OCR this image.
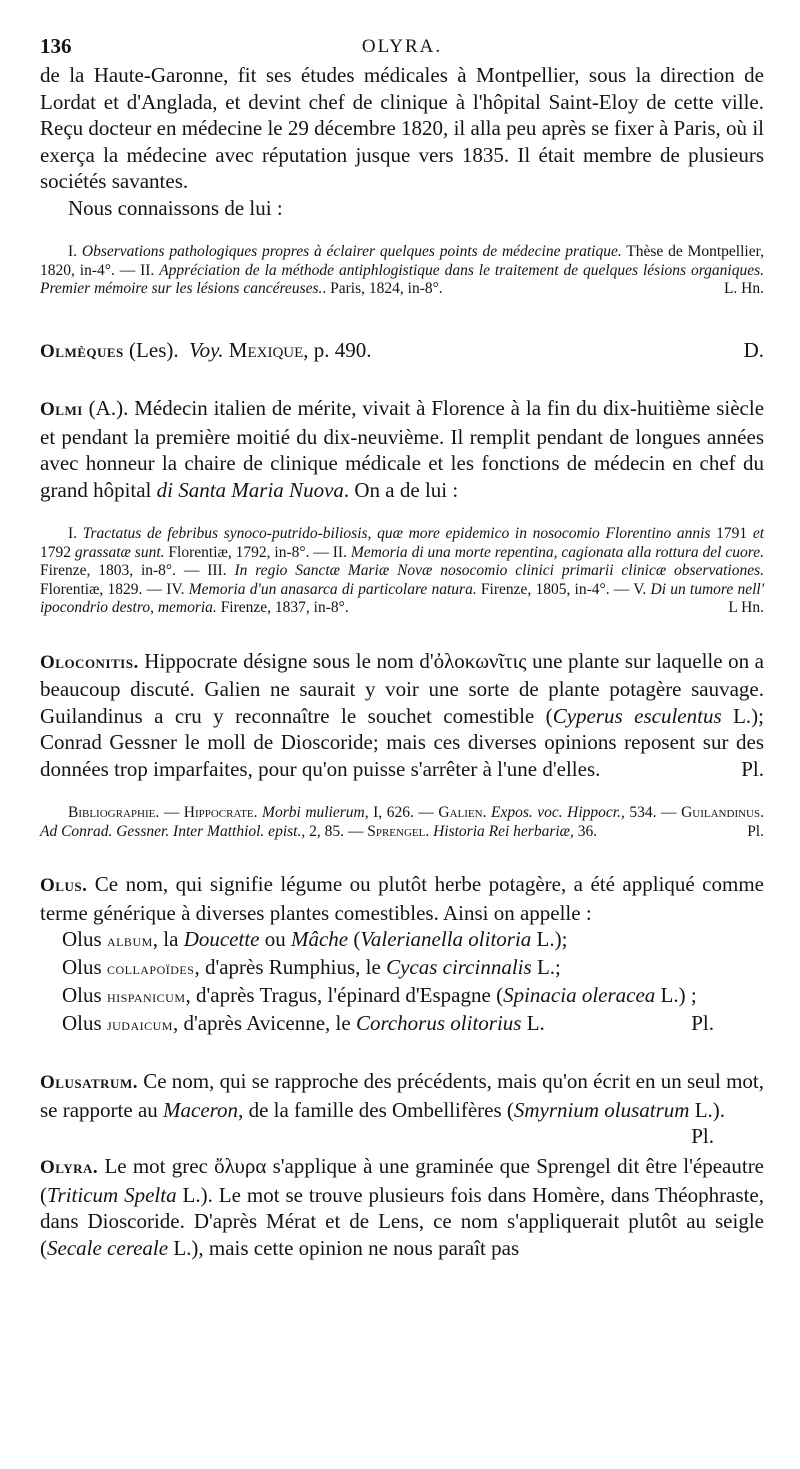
136	OLYRA.

de la Haute-Garonne, fit ses études médicales à Montpellier, sous la direction de Lordat et d'Anglada, et devint chef de clinique à l'hôpital Saint-Eloy de cette ville. Reçu docteur en médecine le 29 décembre 1820, il alla peu après se fixer à Paris, où il exerça la médecine avec réputation jusque vers 1835. Il était membre de plusieurs sociétés savantes.

Nous connaissons de lui :

I. Observations pathologiques propres à éclairer quelques points de médecine pratique. Thèse de Montpellier, 1820, in-4°. — II. Appréciation de la méthode antiphlogistique dans le traitement de quelques lésions organiques. Premier mémoire sur les lésions cancéreuses.. Paris, 1824, in-8°.	L. Hn.

Olmèques (Les). Voy. Mexique, p. 490.	D.

Olmi (A.). Médecin italien de mérite, vivait à Florence à la fin du dix-huitième siècle et pendant la première moitié du dix-neuvième. Il remplit pendant de longues années avec honneur la chaire de clinique médicale et les fonctions de médecin en chef du grand hôpital di Santa Maria Nuova. On a de lui :

I. Tractatus de febribus synoco-putrido-biliosis, quæ more epidemico in nosocomio Florentino annis 1791 et 1792 grassatæ sunt. Florentiæ, 1792, in-8°. — II. Memoria di una morte repentina, cagionata alla rottura del cuore. Firenze, 1803, in-8°. — III. In regio Sanctæ Mariæ Novæ nosocomio clinici primarii clinicæ observationes. Florentiæ, 1829. — IV. Memoria d'un anasarca di particolare natura. Firenze, 1805, in-4°. — V. Di un tumore nell' ipocondrio destro, memoria. Firenze, 1837, in-8°.	L Hn.

Oloconitis. Hippocrate désigne sous le nom d'ὀλοκωνῖτις une plante sur laquelle on a beaucoup discuté. Galien ne saurait y voir une sorte de plante potagère sauvage. Guilandinus a cru y reconnaître le souchet comestible (Cyperus esculentus L.); Conrad Gessner le moll de Dioscoride; mais ces diverses opinions reposent sur des données trop imparfaites, pour qu'on puisse s'arrêter à l'une d'elles.	Pl.

Bibliographie. — Hippocrate. Morbi mulierum, I, 626. — Galien. Expos. voc. Hippocr., 534. — Guilandinus. Ad Conrad. Gessner. Inter Matthiol. epist., 2, 85. — Sprengel. Historia Rei herbariæ, 36.	Pl.

Olus. Ce nom, qui signifie légume ou plutôt herbe potagère, a été appliqué comme terme générique à diverses plantes comestibles. Ainsi on appelle :

Olus album, la Doucette ou Mâche (Valerianella olitoria L.);

Olus collapoïdes, d'après Rumphius, le Cycas circinnalis L.;

Olus hispanicum, d'après Tragus, l'épinard d'Espagne (Spinacia oleracea L.) ;

Olus judaicum, d'après Avicenne, le Corchorus olitorius L.	Pl.

Olusatrum. Ce nom, qui se rapproche des précédents, mais qu'on écrit en un seul mot, se rapporte au Maceron, de la famille des Ombellifères (Smyrnium olusatrum L.).
Pl.

Olyra. Le mot grec ὄλυρα s'applique à une graminée que Sprengel dit être l'épeautre (Triticum Spelta L.). Le mot se trouve plusieurs fois dans Homère, dans Théophraste, dans Dioscoride. D'après Mérat et de Lens, ce nom s'appliquerait plutôt au seigle (Secale cereale L.), mais cette opinion ne nous paraît pas
